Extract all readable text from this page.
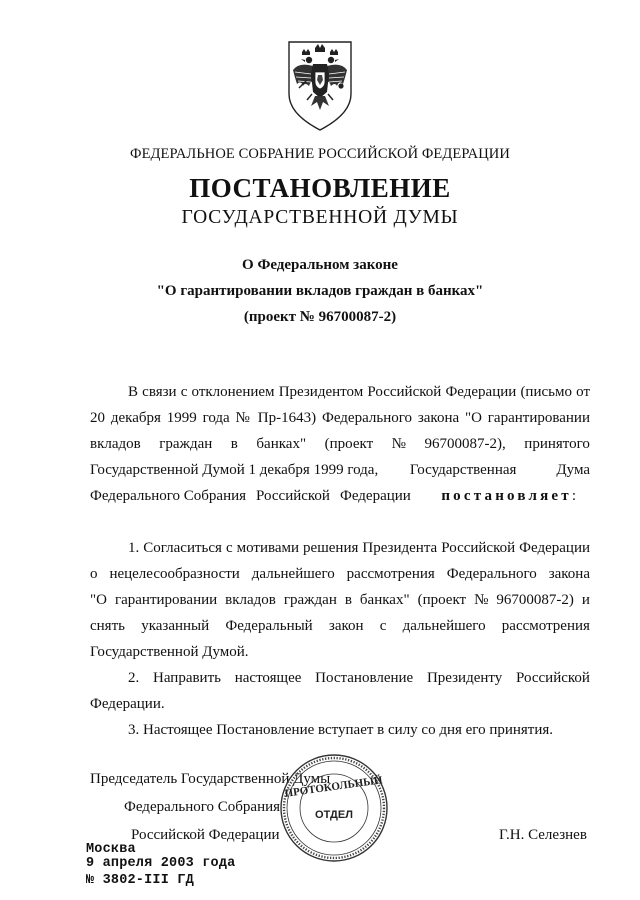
ФЕДЕРАЛЬНОЕ СОБРАНИЕ РОССИЙСКОЙ ФЕДЕРАЦИИ
ПОСТАНОВЛЕНИЕ
ГОСУДАРСТВЕННОЙ ДУМЫ
О Федеральном законе
"О гарантировании вкладов граждан в банках"
(проект № 96700087-2)
В связи с отклонением Президентом Российской Федерации (письмо от
20 декабря 1999 года № Пр-1643) Федерального закона "О гарантировании
вкладов граждан в банках" (проект № 96700087-2), принятого
Государственной Думой 1 декабря 1999 года, Государственная	Дума
Федерального Собрания Российской Федерации постановляет:
1. Согласиться с мотивами решения Президента Российской Федерации
о нецелесообразности дальнейшего рассмотрения Федерального закона
"О гарантировании вкладов граждан в банках" (проект № 96700087-2) и
снять указанный Федеральный закон с дальнейшего рассмотрения
Государственной Думой.
2. Направить настоящее Постановление Президенту Российской
Федерации.
3. Настоящее Постановление вступает в силу со дня его принятия.
Председатель Государственной Думы
Федерального Собрания
Российской Федерации	Г.Н. Селезнев
ПРОТОКОЛЬНЫЙ
ОТДЕЛ
Москва
9 апреля 2003 года
№ 3802-III ГД
